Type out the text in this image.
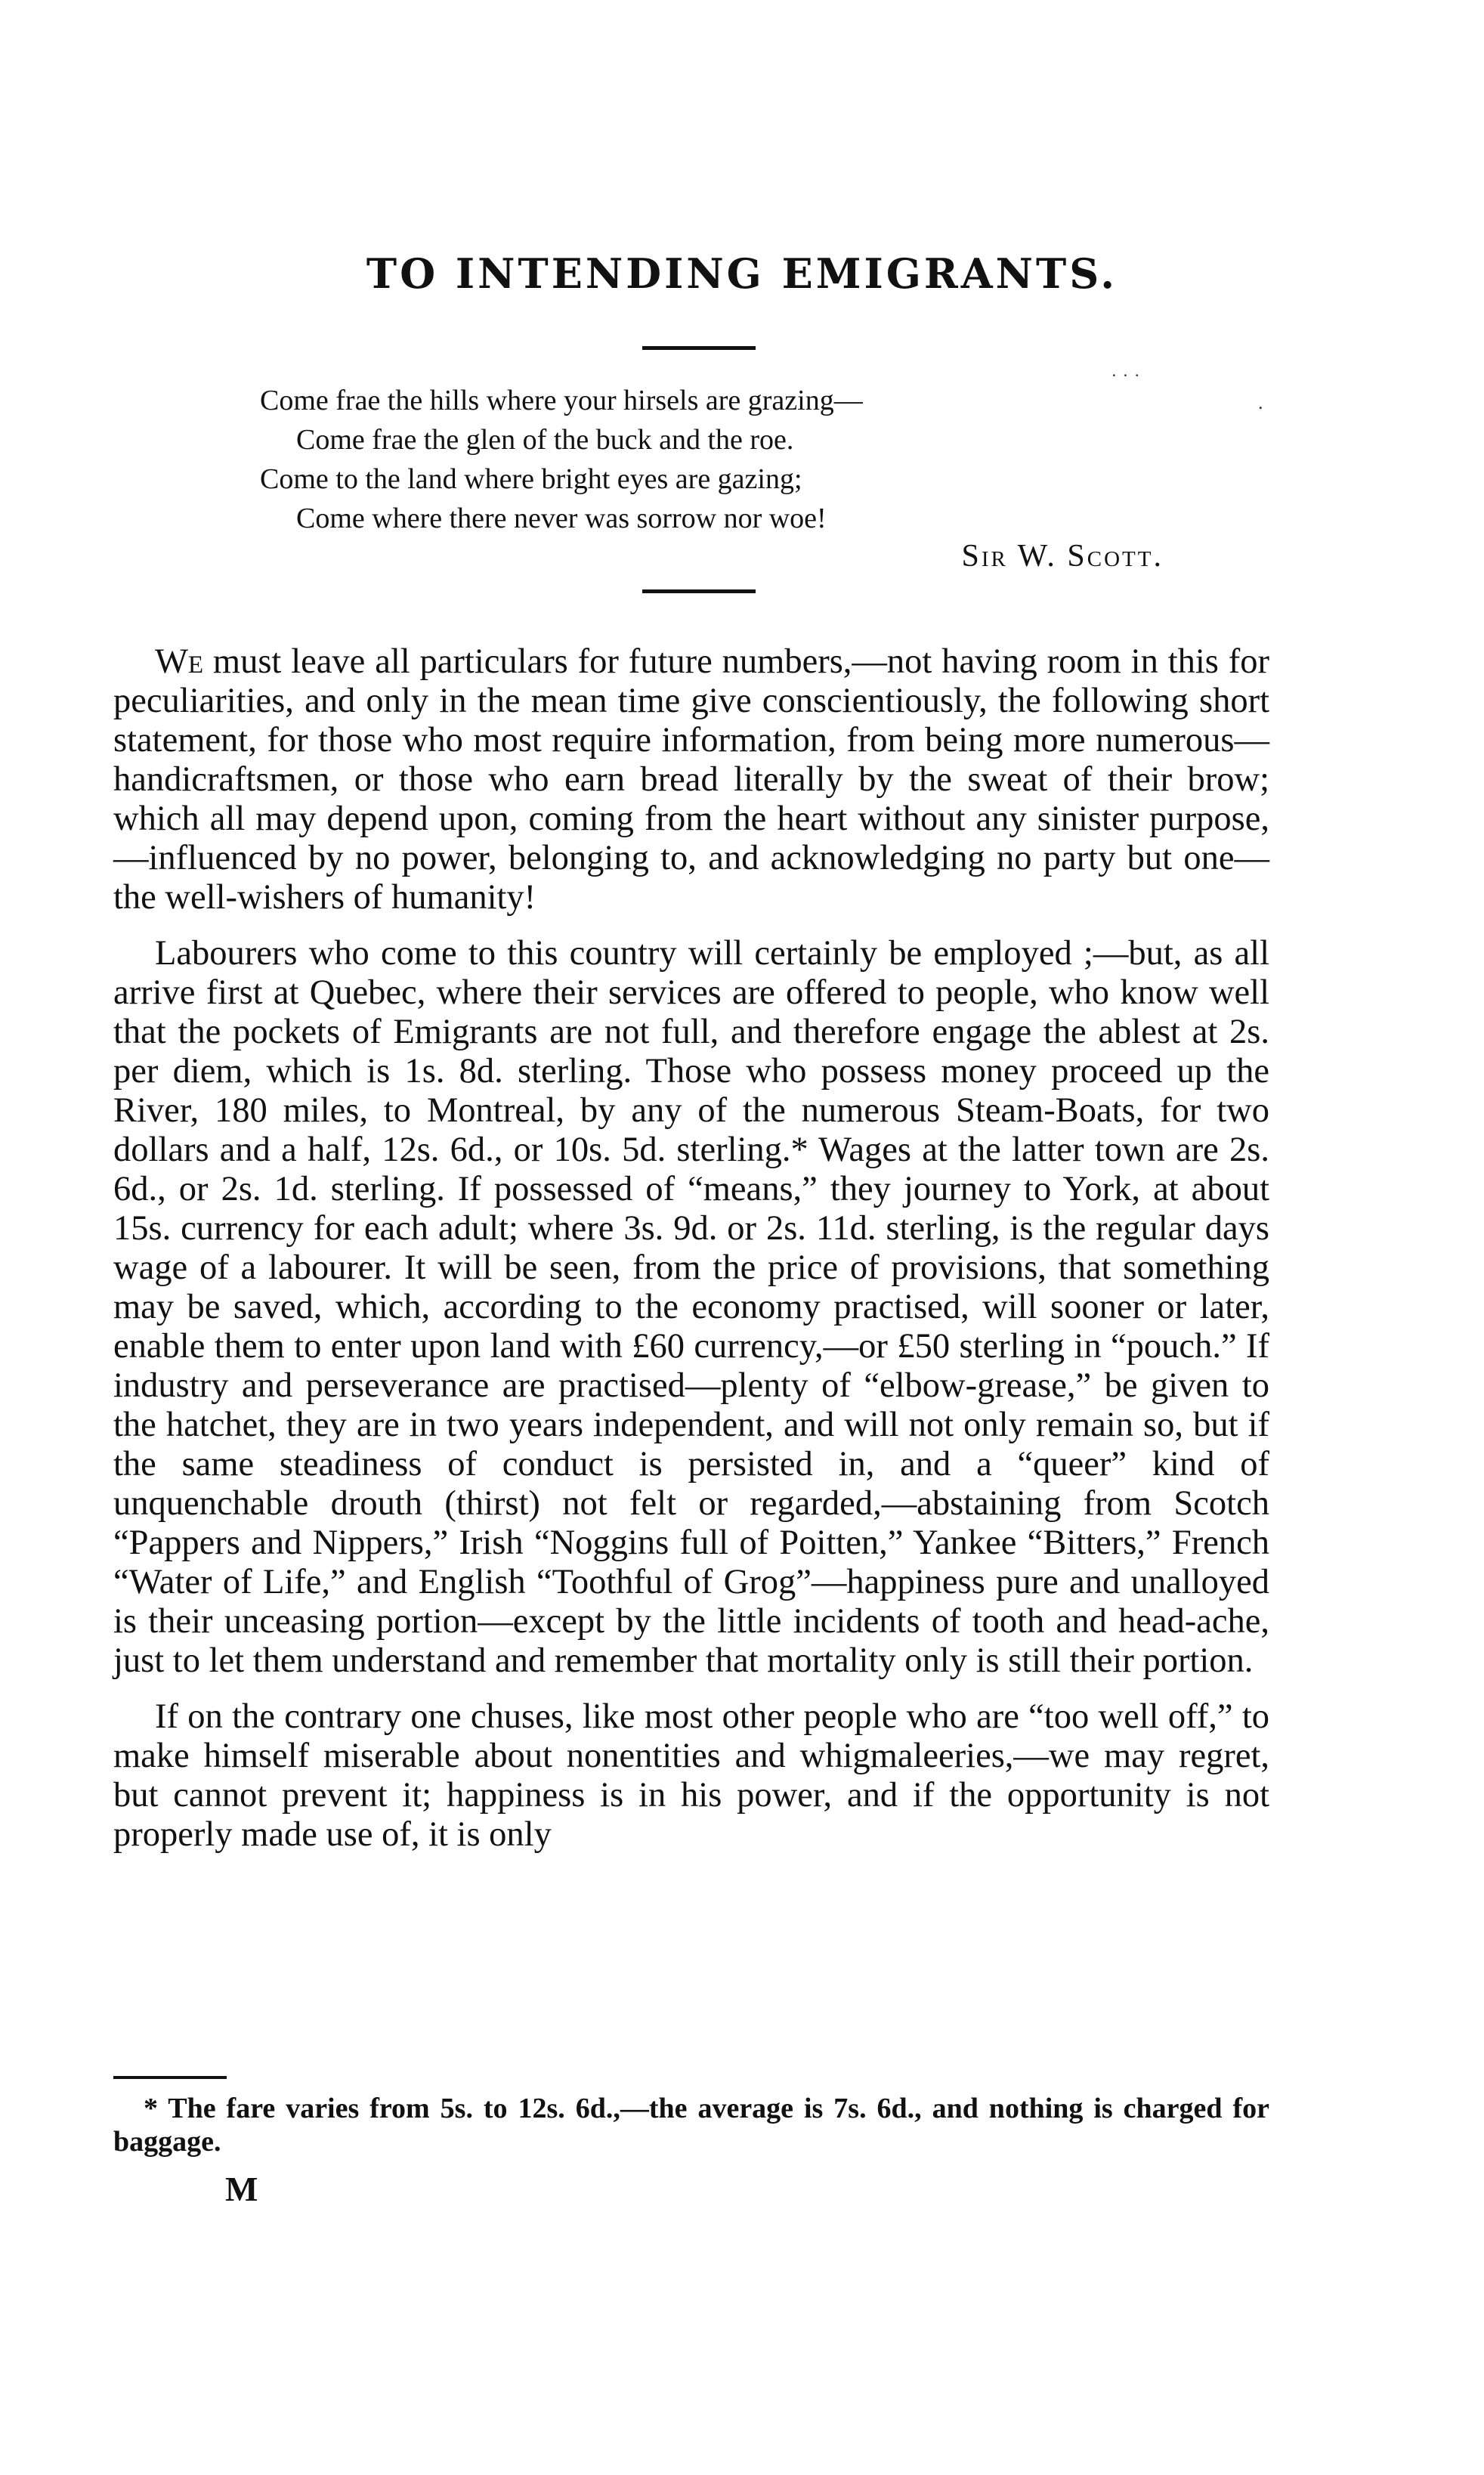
TO INTENDING EMIGRANTS.
Come frae the hills where your hirsels are grazing—
Come frae the glen of the buck and the roe.
Come to the land where bright eyes are gazing;
Come where there never was sorrow nor woe!
Sir W. Scott.

We must leave all particulars for future numbers,—not having room in this for peculiarities, and only in the mean time give conscientiously, the following short statement, for those who most require information, from being more numerous—handicraftsmen, or those who earn bread literally by the sweat of their brow; which all may depend upon, coming from the heart without any sinister purpose,—influenced by no power, belonging to, and acknowledging no party but one—the well-wishers of humanity!

Labourers who come to this country will certainly be employed ;—but, as all arrive first at Quebec, where their services are offered to people, who know well that the pockets of Emigrants are not full, and therefore engage the ablest at 2s. per diem, which is 1s. 8d. sterling. Those who possess money proceed up the River, 180 miles, to Montreal, by any of the numerous Steam-Boats, for two dollars and a half, 12s. 6d., or 10s. 5d. sterling.* Wages at the latter town are 2s. 6d., or 2s. 1d. sterling. If possessed of “means,” they journey to York, at about 15s. currency for each adult; where 3s. 9d. or 2s. 11d. sterling, is the regular days wage of a labourer. It will be seen, from the price of provisions, that something may be saved, which, according to the economy practised, will sooner or later, enable them to enter upon land with £60 currency,—or £50 sterling in “pouch.” If industry and perseverance are practised—plenty of “elbow-grease,” be given to the hatchet, they are in two years independent, and will not only remain so, but if the same steadiness of conduct is persisted in, and a “queer” kind of unquenchable drouth (thirst) not felt or regarded,—abstaining from Scotch “Pappers and Nippers,” Irish “Noggins full of Poitten,” Yankee “Bitters,” French “Water of Life,” and English “Toothful of Grog”—happiness pure and unalloyed is their unceasing portion—except by the little incidents of tooth and head-ache, just to let them understand and remember that mortality only is still their portion.

If on the contrary one chuses, like most other people who are “too well off,” to make himself miserable about nonentities and whigmaleeries,—we may regret, but cannot prevent it; happiness is in his power, and if the opportunity is not properly made use of, it is only

* The fare varies from 5s. to 12s. 6d.,—the average is 7s. 6d., and nothing is charged for baggage.
M
˙ ˙ ˙
.
